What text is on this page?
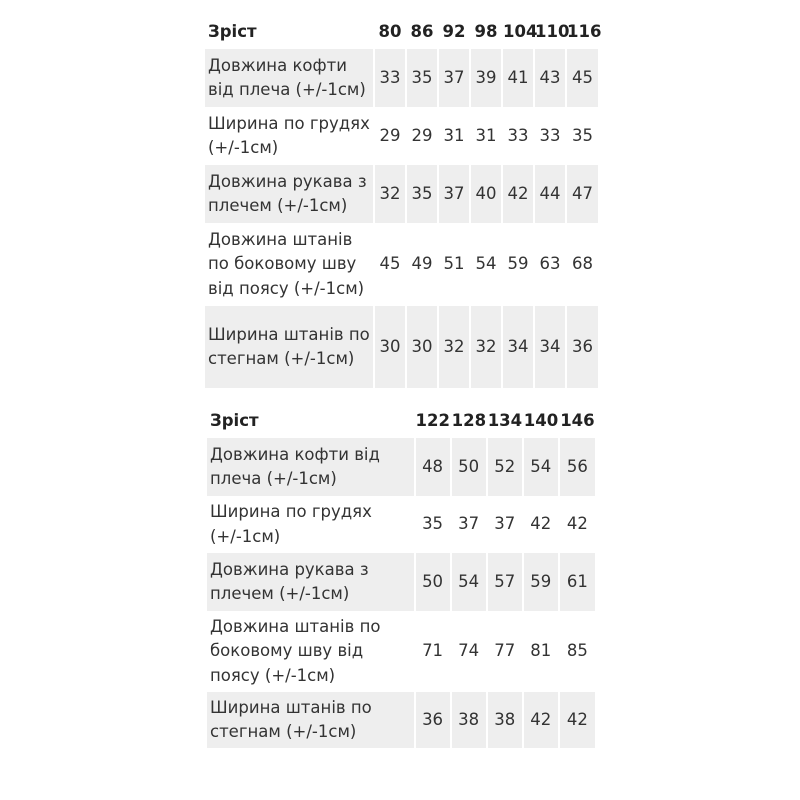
Зріст	80	86	92	98	104	110	116
Довжина кофти від плеча (+/-1см)	33	35	37	39	41	43	45
Ширина по грудях (+/-1см)	29	29	31	31	33	33	35
Довжина рукава з плечем (+/-1см)	32	35	37	40	42	44	47
Довжина штанів по боковому шву від поясу (+/-1см)	45	49	51	54	59	63	68
Ширина штанів по стегнам (+/-1см)	30	30	32	32	34	34	36
Зріст	122	128	134	140	146
Довжина кофти від плеча (+/-1см)	48	50	52	54	56
Ширина по грудях (+/-1см)	35	37	37	42	42
Довжина рукава з плечем (+/-1см)	50	54	57	59	61
Довжина штанів по боковому шву від поясу (+/-1см)	71	74	77	81	85
Ширина штанів по стегнам (+/-1см)	36	38	38	42	42
